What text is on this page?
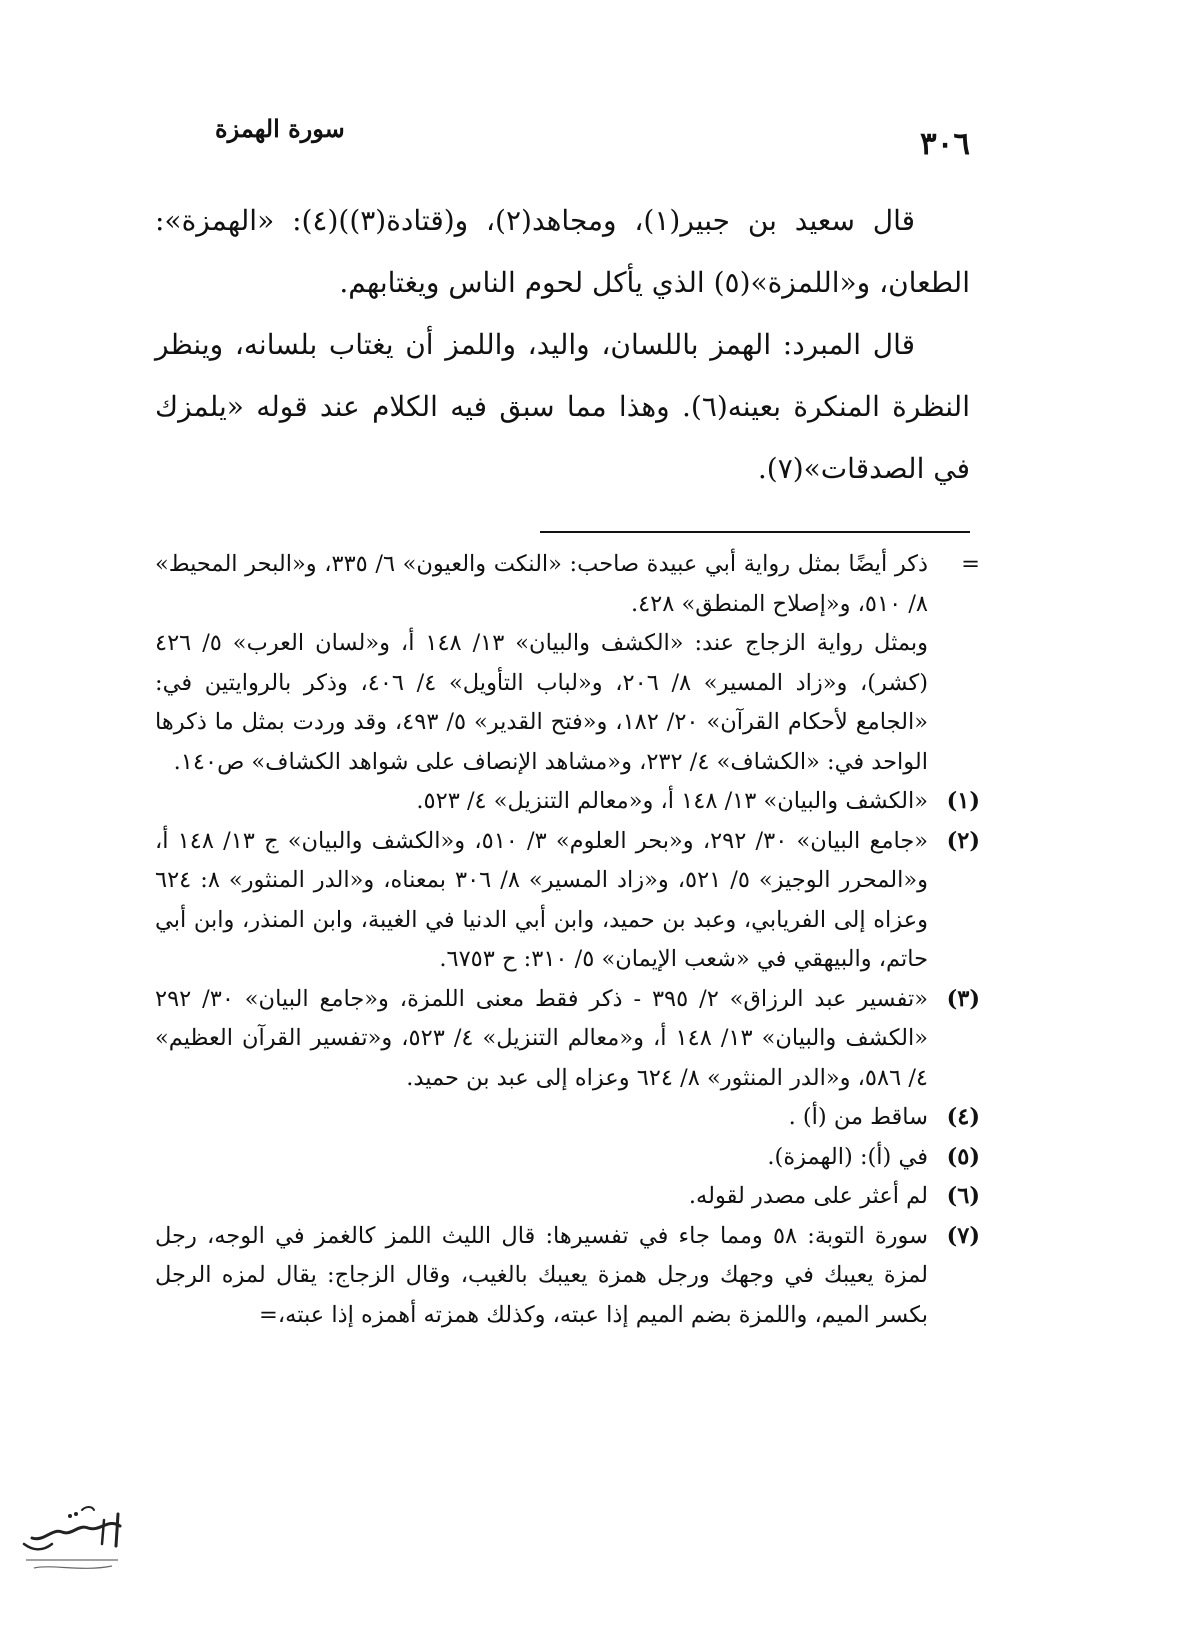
٣٠٦
سورة الهمزة

قال سعيد بن جبير(١)، ومجاهد(٢)، و(قتادة(٣))(٤): «الهمزة»: الطعان، و«اللمزة»(٥) الذي يأكل لحوم الناس ويغتابهم.

قال المبرد: الهمز باللسان، واليد، واللمز أن يغتاب بلسانه، وينظر النظرة المنكرة بعينه(٦). وهذا مما سبق فيه الكلام عند قوله «يلمزك في الصدقات»(٧).

=
ذكر أيضًا بمثل رواية أبي عبيدة صاحب: «النكت والعيون» ٦/ ٣٣٥، و«البحر المحيط» ٨/ ٥١٠، و«إصلاح المنطق» ٤٢٨.
وبمثل رواية الزجاج عند: «الكشف والبيان» ١٣/ ١٤٨ أ، و«لسان العرب» ٥/ ٤٢٦ (كشر)، و«زاد المسير» ٨/ ٢٠٦، و«لباب التأويل» ٤/ ٤٠٦، وذكر بالروايتين في: «الجامع لأحكام القرآن» ٢٠/ ١٨٢، و«فتح القدير» ٥/ ٤٩٣، وقد وردت بمثل ما ذكرها الواحد في: «الكشاف» ٤/ ٢٣٢، و«مشاهد الإنصاف على شواهد الكشاف» ص١٤٠.
(١)
«الكشف والبيان» ١٣/ ١٤٨ أ، و«معالم التنزيل» ٤/ ٥٢٣.
(٢)
«جامع البيان» ٣٠/ ٢٩٢، و«بحر العلوم» ٣/ ٥١٠، و«الكشف والبيان» ج ١٣/ ١٤٨ أ، و«المحرر الوجيز» ٥/ ٥٢١، و«زاد المسير» ٨/ ٣٠٦ بمعناه، و«الدر المنثور» ٨: ٦٢٤ وعزاه إلى الفريابي، وعبد بن حميد، وابن أبي الدنيا في الغيبة، وابن المنذر، وابن أبي حاتم، والبيهقي في «شعب الإيمان» ٥/ ٣١٠: ح ٦٧٥٣.
(٣)
«تفسير عبد الرزاق» ٢/ ٣٩٥ - ذكر فقط معنى اللمزة، و«جامع البيان» ٣٠/ ٢٩٢ «الكشف والبيان» ١٣/ ١٤٨ أ، و«معالم التنزيل» ٤/ ٥٢٣، و«تفسير القرآن العظيم» ٤/ ٥٨٦، و«الدر المنثور» ٨/ ٦٢٤ وعزاه إلى عبد بن حميد.
(٤)
ساقط من (أ) .
(٥)
في (أ): (الهمزة).
(٦)
لم أعثر على مصدر لقوله.
(٧)
سورة التوبة: ٥٨ ومما جاء في تفسيرها: قال الليث اللمز كالغمز في الوجه، رجل لمزة يعيبك في وجهك ورجل همزة يعيبك بالغيب، وقال الزجاج: يقال لمزه الرجل بكسر الميم، واللمزة بضم الميم إذا عبته، وكذلك همزته أهمزه إذا عبته،=
